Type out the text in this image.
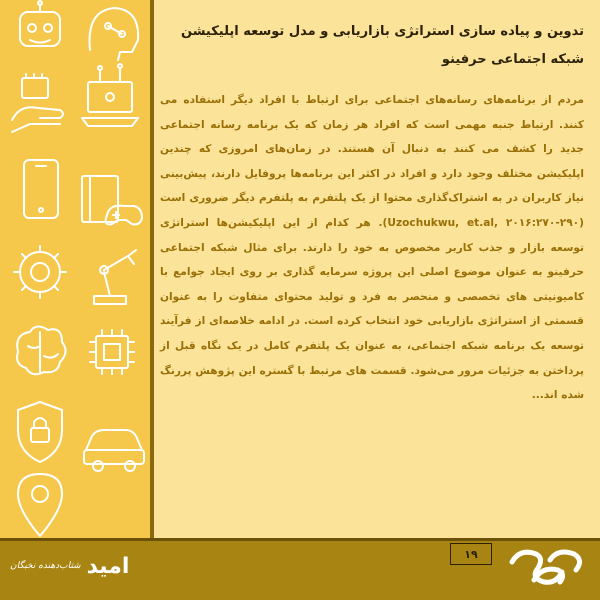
تدوین و پیاده سازی استراتژی بازاریابی و مدل توسعه اپلیکیشن شبکه اجتماعی حرفینو

مردم از برنامه‌های رسانه‌های اجتماعی برای ارتباط با افراد دیگر استفاده می کنند. ارتباط جنبه مهمی است که افراد هر زمان که یک برنامه رسانه اجتماعی جدید را کشف می کنند به دنبال آن هستند. در زمان‌های امروزی که چندین اپلیکیشن مختلف وجود دارد و افراد در اکثر این برنامه‌ها پروفایل دارند، پیش‌بینی نیاز کاربران در به اشتراک‌گذاری محتوا از یک پلتفرم به پلتفرم دیگر ضروری است (Uzochukwu, et.al, ۲۰۱۶:۲۷۰-۲۹۰). هر کدام از این اپلیکیشن‌ها استراتژی توسعه بازار و جذب کاربر مخصوص به خود را دارند. برای مثال شبکه اجتماعی حرفینو به عنوان موضوع اصلی این پروژه سرمایه گذاری بر روی ایجاد جوامع با کامیونیتی های تخصصی و منحصر به فرد و تولید محتوای متفاوت را به عنوان قسمتی از استراتژی بازاریابی خود انتخاب کرده است. در ادامه خلاصه‌ای از فرآیند توسعه یک برنامه شبکه اجتماعی، به عنوان یک پلتفرم کامل در یک نگاه قبل از پرداختن به جزئیات مرور می‌شود. قسمت های مرتبط با گستره این پژوهش پررنگ شده اند...

امید
شتاب‌دهنده نخبگان
۱۹
